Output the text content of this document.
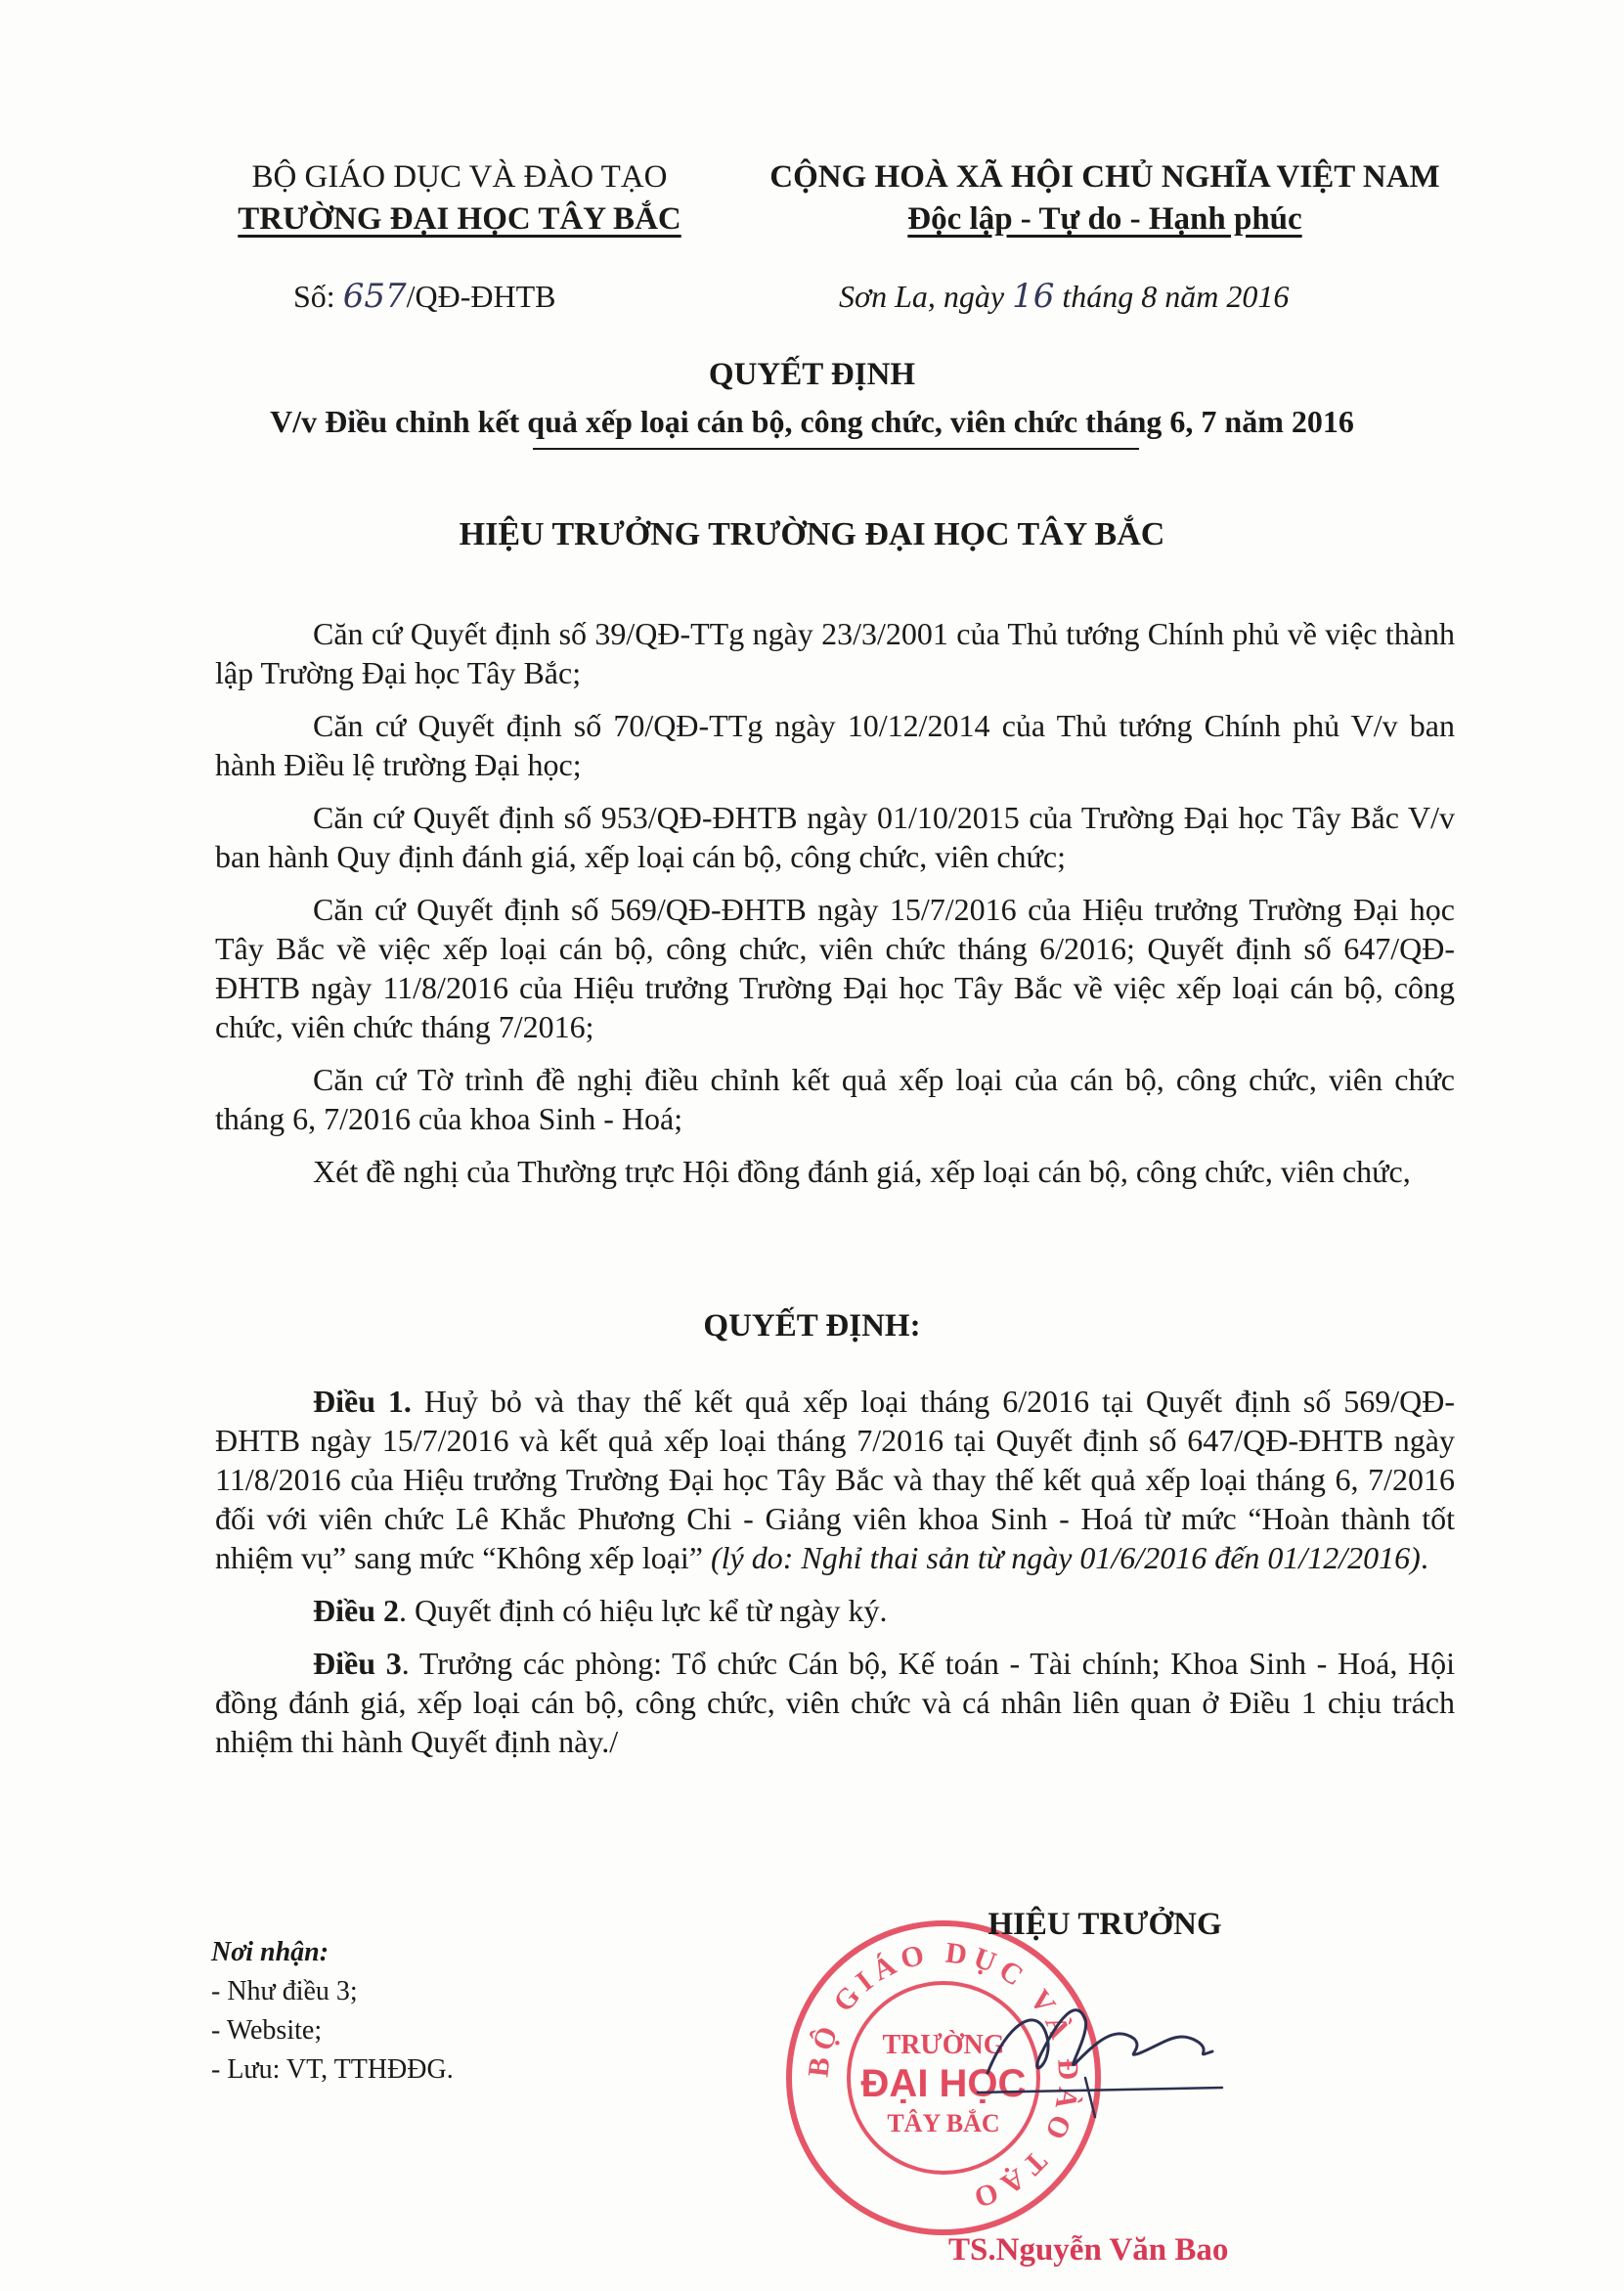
BỘ GIÁO DỤC VÀ ĐÀO TẠO
TRƯỜNG ĐẠI HỌC TÂY BẮC
CỘNG HOÀ XÃ HỘI CHỦ NGHĨA VIỆT NAM
Độc lập - Tự do - Hạnh phúc
Số: 657/QĐ-ĐHTB	Sơn La, ngày 16 tháng 8 năm 2016
QUYẾT ĐỊNH
V/v Điều chỉnh kết quả xếp loại cán bộ, công chức, viên chức tháng 6, 7 năm 2016
HIỆU TRƯỞNG TRƯỜNG ĐẠI HỌC TÂY BẮC

Căn cứ Quyết định số 39/QĐ-TTg ngày 23/3/2001 của Thủ tướng Chính phủ về việc thành lập Trường Đại học Tây Bắc;

Căn cứ Quyết định số 70/QĐ-TTg ngày 10/12/2014 của Thủ tướng Chính phủ V/v ban hành Điều lệ trường Đại học;

Căn cứ Quyết định số 953/QĐ-ĐHTB ngày 01/10/2015 của Trường Đại học Tây Bắc V/v ban hành Quy định đánh giá, xếp loại cán bộ, công chức, viên chức;

Căn cứ Quyết định số 569/QĐ-ĐHTB ngày 15/7/2016 của Hiệu trưởng Trường Đại học Tây Bắc về việc xếp loại cán bộ, công chức, viên chức tháng 6/2016; Quyết định số 647/QĐ-ĐHTB ngày 11/8/2016 của Hiệu trưởng Trường Đại học Tây Bắc về việc xếp loại cán bộ, công chức, viên chức tháng 7/2016;

Căn cứ Tờ trình đề nghị điều chỉnh kết quả xếp loại của cán bộ, công chức, viên chức tháng 6, 7/2016 của khoa Sinh - Hoá;

Xét đề nghị của Thường trực Hội đồng đánh giá, xếp loại cán bộ, công chức, viên chức,

QUYẾT ĐỊNH:

Điều 1. Huỷ bỏ và thay thế kết quả xếp loại tháng 6/2016 tại Quyết định số 569/QĐ-ĐHTB ngày 15/7/2016 và kết quả xếp loại tháng 7/2016 tại Quyết định số 647/QĐ-ĐHTB ngày 11/8/2016 của Hiệu trưởng Trường Đại học Tây Bắc và thay thế kết quả xếp loại tháng 6, 7/2016 đối với viên chức Lê Khắc Phương Chi - Giảng viên khoa Sinh - Hoá từ mức “Hoàn thành tốt nhiệm vụ” sang mức “Không xếp loại” (lý do: Nghỉ thai sản từ ngày 01/6/2016 đến 01/12/2016).

Điều 2. Quyết định có hiệu lực kể từ ngày ký.

Điều 3. Trưởng các phòng: Tổ chức Cán bộ, Kế toán - Tài chính; Khoa Sinh - Hoá, Hội đồng đánh giá, xếp loại cán bộ, công chức, viên chức và cá nhân liên quan ở Điều 1 chịu trách nhiệm thi hành Quyết định này./

Nơi nhận:
- Như điều 3;
- Website;
- Lưu: VT, TTHĐĐG.	BỘ GIÁO DỤC VÀ ĐÀO TẠO
TRƯỜNG
ĐẠI HỌC
TÂY BẮC
HIỆU TRƯỞNG
TS.Nguyễn Văn Bao
